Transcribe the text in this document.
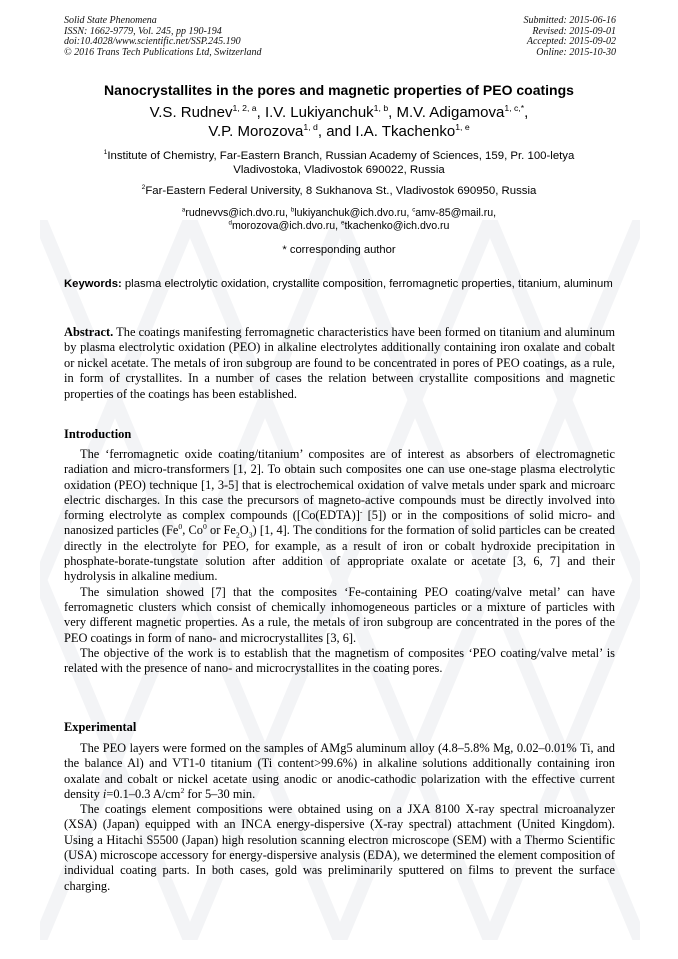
Solid State Phenomena
ISSN: 1662-9779, Vol. 245, pp 190-194
doi:10.4028/www.scientific.net/SSP.245.190
© 2016 Trans Tech Publications Ltd, Switzerland
Submitted: 2015-06-16
Revised: 2015-09-01
Accepted: 2015-09-02
Online: 2015-10-30
Nanocrystallites in the pores and magnetic properties of PEO coatings
V.S. Rudnev$^{1, 2, a}$, I.V. Lukiyanchuk$^{1, b}$, M.V. Adigamova$^{1, c,*}$,
V.P. Morozova$^{1, d}$, and I.A. Tkachenko$^{1, e}$
$^1$Institute of Chemistry, Far-Eastern Branch, Russian Academy of Sciences, 159, Pr. 100-letya
Vladivostoka, Vladivostok 690022, Russia
$^2$Far-Eastern Federal University, 8 Sukhanova St., Vladivostok 690950, Russia
$^a$rudnevvs@ich.dvo.ru, $^b$lukiyanchuk@ich.dvo.ru, $^c$amv-85@mail.ru,
$^d$morozova@ich.dvo.ru, $^e$tkachenko@ich.dvo.ru
* corresponding author
Keywords: plasma electrolytic oxidation, crystallite composition, ferromagnetic properties, titanium, aluminum
Abstract. The coatings manifesting ferromagnetic characteristics have been formed on titanium and aluminum by plasma electrolytic oxidation (PEO) in alkaline electrolytes additionally containing iron oxalate and cobalt or nickel acetate. The metals of iron subgroup are found to be concentrated in pores of PEO coatings, as a rule, in form of crystallites. In a number of cases the relation between crystallite compositions and magnetic properties of the coatings has been established.
Introduction

The ‘ferromagnetic oxide coating/titanium’ composites are of interest as absorbers of electromagnetic radiation and micro-transformers [1, 2]. To obtain such composites one can use one-stage plasma electrolytic oxidation (PEO) technique [1, 3-5] that is electrochemical oxidation of valve metals under spark and microarc electric discharges. In this case the precursors of magneto-active compounds must be directly involved into forming electrolyte as complex compounds ([Co(EDTA)]- [5]) or in the compositions of solid micro- and nanosized particles (Fe$^0$, Co$^0$ or $Fe_2O_3$) [1, 4]. The conditions for the formation of solid particles can be created directly in the electrolyte for PEO, for example, as a result of iron or cobalt hydroxide precipitation in phosphate-borate-tungstate solution after addition of appropriate oxalate or acetate [3, 6, 7] and their hydrolysis in alkaline medium.

The simulation showed [7] that the composites ‘Fe-containing PEO coating/valve metal’ can have ferromagnetic clusters which consist of chemically inhomogeneous particles or a mixture of particles with very different magnetic properties. As a rule, the metals of iron subgroup are concentrated in the pores of the PEO coatings in form of nano- and microcrystallites [3, 6].

The objective of the work is to establish that the magnetism of composites ‘PEO coating/valve metal’ is related with the presence of nano- and microcrystallites in the coating pores.

Experimental

The PEO layers were formed on the samples of AMg5 aluminum alloy (4.8–5.8% Mg, 0.02–0.01% Ti, and the balance Al) and VT1-0 titanium (Ti content>99.6%) in alkaline solutions additionally containing iron oxalate and cobalt or nickel acetate using anodic or anodic-cathodic polarization with the effective current density i=0.1–0.3 $A/cm^2$ for 5–30 min.

The coatings element compositions were obtained using on a JXA 8100 X-ray spectral microanalyzer (XSA) (Japan) equipped with an INCA energy-dispersive (X-ray spectral) attachment (United Kingdom). Using a Hitachi S5500 (Japan) high resolution scanning electron microscope (SEM) with a Thermo Scientific (USA) microscope accessory for energy-dispersive analysis (EDA), we determined the element composition of individual coating parts. In both cases, gold was preliminarily sputtered on films to prevent the surface charging.
